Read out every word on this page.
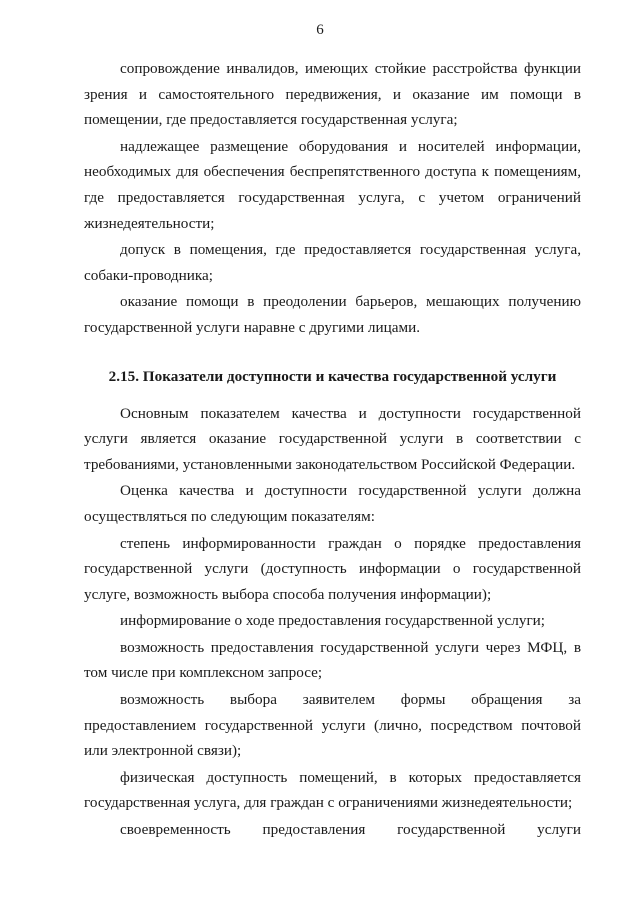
6

сопровождение инвалидов, имеющих стойкие расстройства функции зрения и самостоятельного передвижения, и оказание им помощи в помещении, где предоставляется государственная услуга;

надлежащее размещение оборудования и носителей информации, необходимых для обеспечения беспрепятственного доступа к помещениям, где предоставляется государственная услуга, с учетом ограничений жизнедеятельности;

допуск в помещения, где предоставляется государственная услуга, собаки-проводника;

оказание помощи в преодолении барьеров, мешающих получению государственной услуги наравне с другими лицами.

2.15. Показатели доступности и качества государственной услуги

Основным показателем качества и доступности государственной услуги является оказание государственной услуги в соответствии с требованиями, установленными законодательством Российской Федерации.

Оценка качества и доступности государственной услуги должна осуществляться по следующим показателям:

степень информированности граждан о порядке предоставления государственной услуги (доступность информации о государственной услуге, возможность выбора способа получения информации);

информирование о ходе предоставления государственной услуги;

возможность предоставления государственной услуги через МФЦ, в том числе при комплексном запросе;

возможность выбора заявителем формы обращения за предоставлением государственной услуги (лично, посредством почтовой или электронной связи);

физическая доступность помещений, в которых предоставляется государственная услуга, для граждан с ограничениями жизнедеятельности;

своевременность предоставления государственной услуги
